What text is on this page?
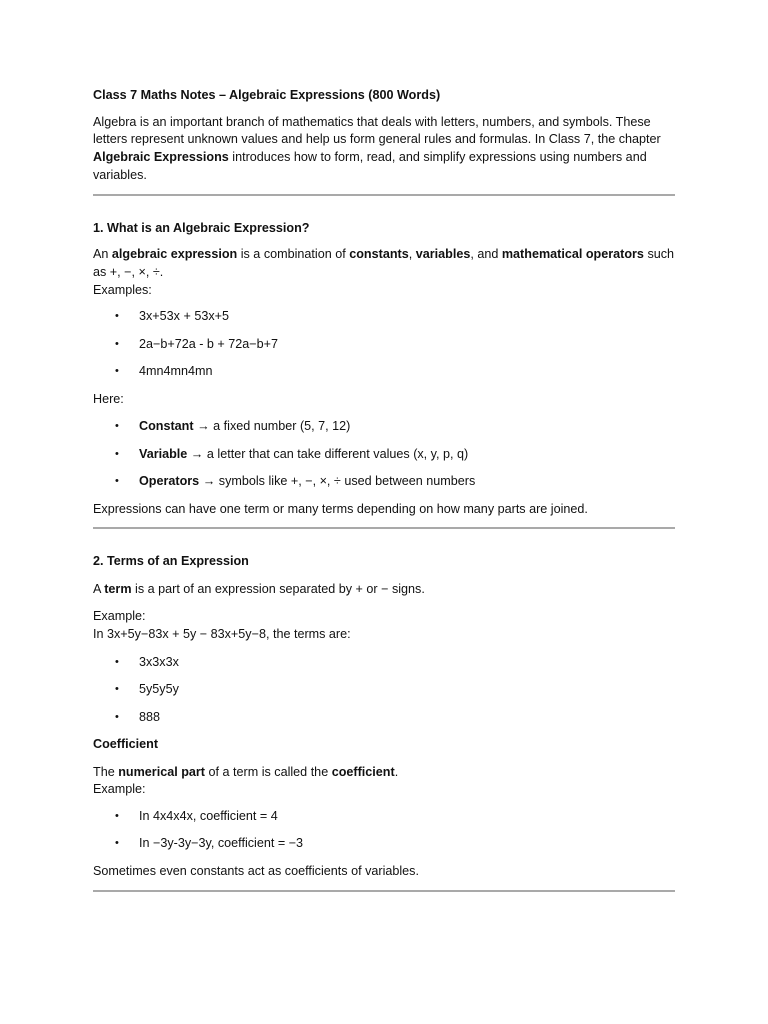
Class 7 Maths Notes – Algebraic Expressions (800 Words)

Algebra is an important branch of mathematics that deals with letters, numbers, and symbols. These letters represent unknown values and help us form general rules and formulas. In Class 7, the chapter Algebraic Expressions introduces how to form, read, and simplify expressions using numbers and variables.

1. What is an Algebraic Expression?

An algebraic expression is a combination of constants, variables, and mathematical operators such as +, −, ×, ÷.

Examples:

• 3x+53x + 53x+5
• 2a−b+72a - b + 72a−b+7
• 4mn4mn4mn

Here:

• Constant → a fixed number (5, 7, 12)
• Variable → a letter that can take different values (x, y, p, q)
• Operators → symbols like +, −, ×, ÷ used between numbers

Expressions can have one term or many terms depending on how many parts are joined.

2. Terms of an Expression

A term is a part of an expression separated by + or − signs.

Example:

In 3x+5y−83x + 5y − 83x+5y−8, the terms are:

• 3x3x3x
• 5y5y5y
• 888

Coefficient

The numerical part of a term is called the coefficient.

Example:

• In 4x4x4x, coefficient = 4
• In −3y-3y−3y, coefficient = −3

Sometimes even constants act as coefficients of variables.
